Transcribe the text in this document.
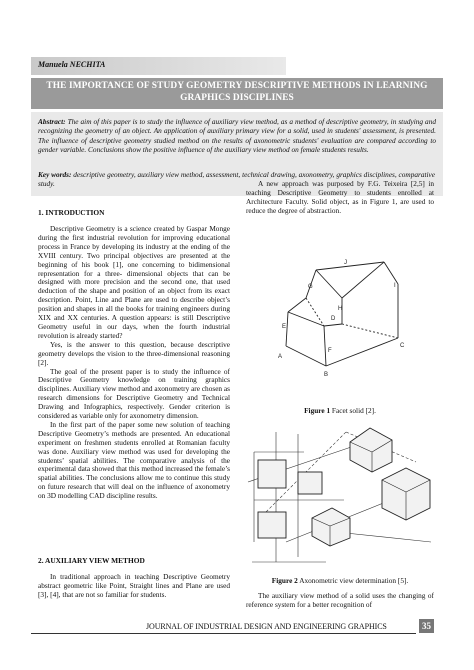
Manuela NECHITA
THE IMPORTANCE OF STUDY GEOMETRY DESCRIPTIVE METHODS IN LEARNING GRAPHICS DISCIPLINES
Abstract: The aim of this paper is to study the influence of auxiliary view method, as a method of descriptive geometry, in studying and recognizing the geometry of an object. An application of auxiliary primary view for a solid, used in students' assessment, is presented. The influence of descriptive geometry studied method on the results of axonometric students' evaluation are compared according to gender variable. Conclusions show the positive influence of the auxiliary view method on female students results.
Key words: descriptive geometry, auxiliary view method, assessment, technical drawing, axonometry, graphics disciplines, comparative study.
1. INTRODUCTION

Descriptive Geometry is a science created by Gaspar Monge during the first industrial revolution for improving educational process in France by developing its industry at the ending of the XVIII century. Two principal objectives are presented at the beginning of his book [1], one concerning to bidimensional representation for a three- dimensional objects that can be designed with more precision and the second one, that used deduction of the shape and position of an object from its exact description. Point, Line and Plane are used to describe object’s position and shapes in all the books for training engineers during XIX and XX centuries. A question appears: is still Descriptive Geometry useful in our days, when the fourth industrial revolution is already started?

Yes, is the answer to this question, because descriptive geometry develops the vision to the three-dimensional reasoning [2].

The goal of the present paper is to study the influence of Descriptive Geometry knowledge on training graphics disciplines. Auxiliary view method and axonometry are chosen as research dimensions for Descriptive Geometry and Technical Drawing and Infographics, respectively. Gender criterion is considered as variable only for axonometry dimension.

In the first part of the paper some new solution of teaching Descriptive Geometry’s methods are presented. An educational experiment on freshmen students enrolled at Romanian faculty was done. Auxiliary view method was used for developing the students’ spatial abilities. The comparative analysis of the experimental data showed that this method increased the female’s spatial abilities. The conclusions allow me to continue this study on future research that will deal on the influence of axonometry on 3D modelling CAD discipline results.

2. AUXILIARY VIEW METHOD

In traditional approach in teaching Descriptive Geometry abstract geometric like Point, Straight lines and Plane are used [3], [4], that are not so familiar for students.

A new approach was purposed by F.G. Teixeira [2,5] in teaching Descriptive Geometry to students enrolled at Architecture Faculty. Solid object, as in Figure 1, are used to reduce the degree of abstraction.

J
G	I
H
E
D
F
C
A
B
Figure 1 Facet solid [2].
Figure 2 Axonometric view determination [5].

The auxiliary view method of a solid uses the changing of reference system for a better recognition of

JOURNAL OF INDUSTRIAL DESIGN AND ENGINEERING GRAPHICS	35
